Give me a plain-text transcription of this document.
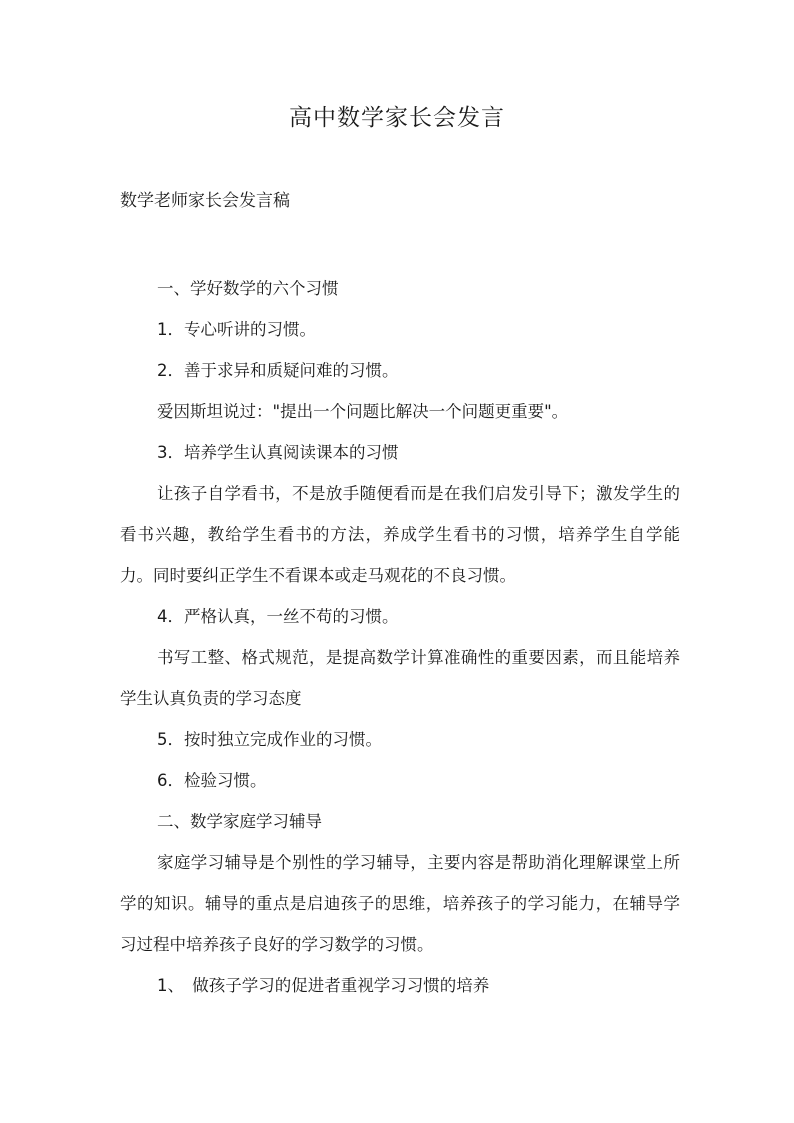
高中数学家长会发言

数学老师家长会发言稿

一、学好数学的六个习惯

1．专心听讲的习惯。

2．善于求异和质疑问难的习惯。

爱因斯坦说过："提出一个问题比解决一个问题更重要"。

3．培养学生认真阅读课本的习惯

让孩子自学看书，不是放手随便看而是在我们启发引导下；激发学生的看书兴趣，教给学生看书的方法，养成学生看书的习惯，培养学生自学能力。同时要纠正学生不看课本或走马观花的不良习惯。

4．严格认真，一丝不苟的习惯。

书写工整、格式规范，是提高数学计算准确性的重要因素，而且能培养学生认真负责的学习态度

5．按时独立完成作业的习惯。

6．检验习惯。

二、数学家庭学习辅导

家庭学习辅导是个别性的学习辅导，主要内容是帮助消化理解课堂上所学的知识。辅导的重点是启迪孩子的思维，培养孩子的学习能力，在辅导学习过程中培养孩子良好的学习数学的习惯。

1、　做孩子学习的促进者重视学习习惯的培养
